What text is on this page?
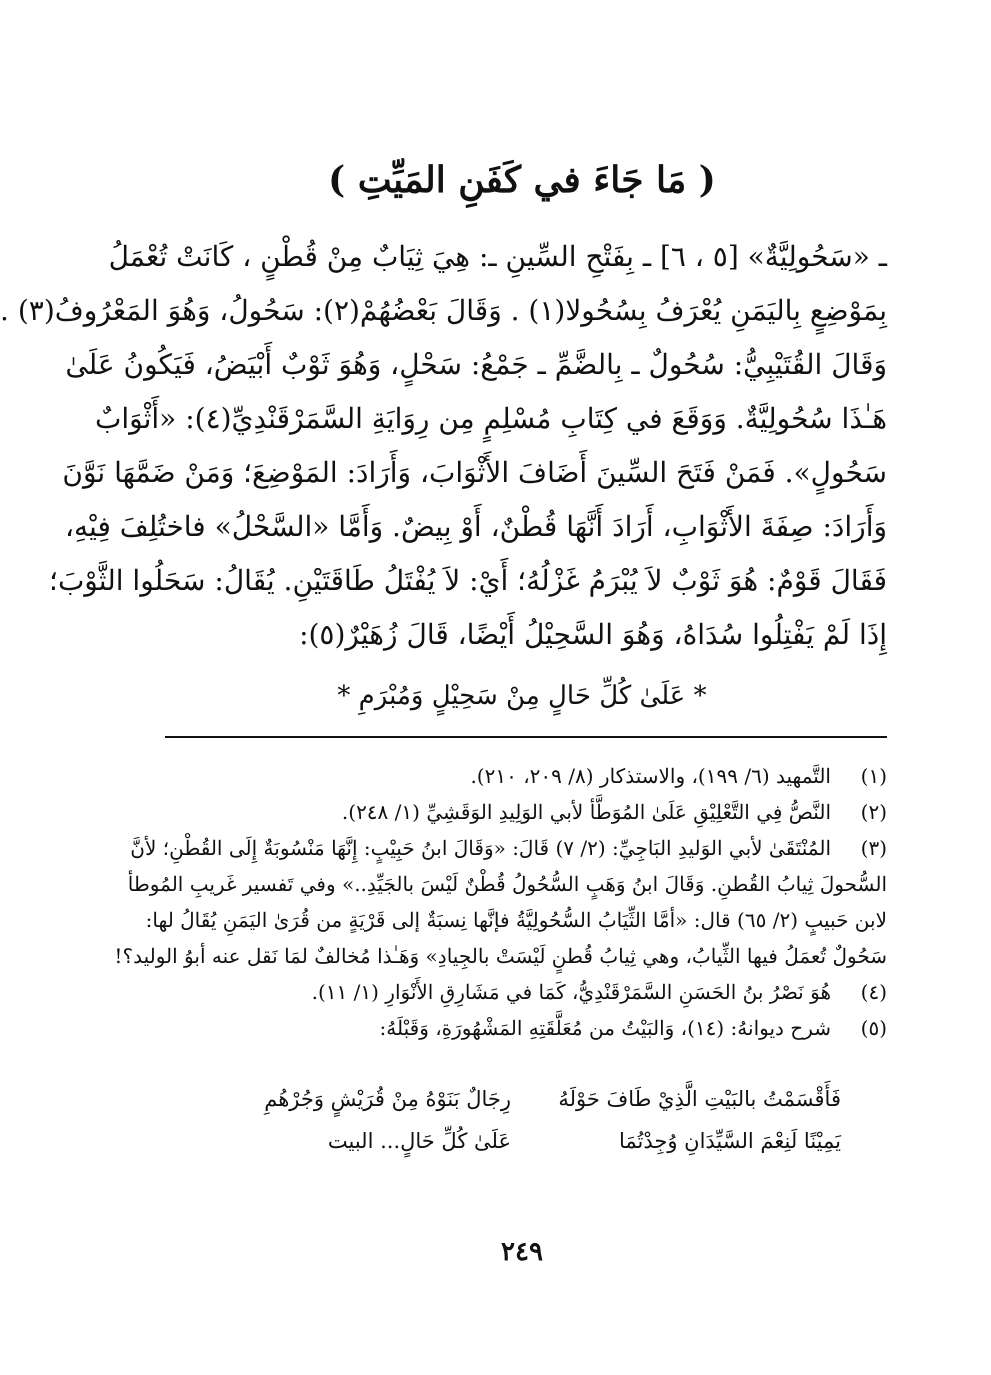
( مَا جَاءَ في كَفَنِ المَيِّتِ )
ـ «سَحُولِيَّةٌ» [٥ ، ٦] ـ بِفَتْحِ السِّينِ ـ: هِيَ ثِيَابٌ مِنْ قُطْنٍ ، كَانَتْ تُعْمَلُ
بِمَوْضِعٍ بِاليَمَنِ يُعْرَفُ بِسُحُولا(١) . وَقَالَ بَعْضُهُمْ(٢): سَحُولُ، وَهُوَ المَعْرُوفُ(٣) .
وَقَالَ القُتَيْبِيُّ: سُحُولٌ ـ بِالضَّمِّ ـ جَمْعُ: سَحْلٍ، وَهُوَ ثَوْبٌ أَبْيَضُ، فَيَكُونُ عَلَىٰ
هَـٰذَا سُحُولِيَّةٌ. وَوَقَعَ في كِتَابِ مُسْلِمٍ مِن رِوَايَةِ السَّمَرْقَنْدِيِّ(٤): «أَثْوَابٌ
سَحُولٍ». فَمَنْ فَتَحَ السِّينَ أَضَافَ الأَثْوَابَ، وَأَرَادَ: المَوْضِعَ؛ وَمَنْ ضَمَّهَا نَوَّنَ
وَأَرَادَ: صِفَةَ الأَثْوَابِ، أَرَادَ أَنَّهَا قُطْنٌ، أَوْ بِيضٌ. وَأَمَّا «السَّحْلُ» فاختُلِفَ فِيْهِ،
فَقَالَ قَوْمٌ: هُوَ ثَوْبٌ لاَ يُبْرَمُ غَزْلُهُ؛ أَيْ: لاَ يُفْتَلُ طَاقَتَيْنِ. يُقَالُ: سَحَلُوا الثَّوْبَ؛
إِذَا لَمْ يَفْتِلُوا سُدَاهُ، وَهُوَ السَّحِيْلُ أَيْضًا، قَالَ زُهَيْرٌ(٥):
* عَلَىٰ كُلِّ حَالٍ مِنْ سَحِيْلٍ وَمُبْرَمِ *
(١)
التَّمهيد (٦/ ١٩٩)، والاستذكار (٨/ ٢٠٩، ٢١٠).
(٢)
النَّصُّ فِي التَّعْلِيْقِ عَلَىٰ المُوَطَّأ لأبي الوَلِيدِ الوَقَشِيِّ (١/ ٢٤٨).
(٣)
المُنْتَقَىٰ لأبي الوَليدِ البَاجِيِّ: (٢/ ٧) قَالَ: «وَقَالَ ابنُ حَبِيْبٍ: إِنَّهَا مَنْسُوبَةٌ إِلَى القُطْنِ؛ لأنَّ
السُّحولَ ثِيابُ القُطنِ. وَقَالَ ابنُ وَهَبٍ السُّحُولُ قُطْنٌ لَيْسَ بالجَيِّدِ..» وفي تَفسير غَريبِ المُوطأ
لابن حَبيبٍ (٢/ ٦٥) قال: «أمَّا الثِّيَابُ السُّحُولِيَّةُ فإنَّها نِسبَةٌ إلى قَرْيَةٍ من قُرَىٰ اليَمَنِ يُقَالُ لها:
سَحُولٌ تُعمَلُ فيها الثِّيابُ، وهي ثِيابُ قُطنٍ لَيْسَتْ بالجِيادِ» وَهَـٰذا مُخالفٌ لمَا نَقل عنه أبوُ الوليد؟!
(٤)
هُوَ نَصْرُ بنُ الحَسَنِ السَّمَرْقَنْدِيُّ، كَمَا في مَشَارِقِ الأَنْوَارِ (١/ ١١).
(٥)
شرح ديوانهُ: (١٤)، وَالبَيْتُ من مُعَلَّقَتِهِ المَشْهُورَةِ، وَقَبْلَهُ:
فَأَقْسَمْتُ بالبَيْتِ الَّذِيْ طَافَ حَوْلَهُ
رِجَالٌ بَنَوْهُ مِنْ قُرَيْشٍ وَجُرْهُمِ
يَمِيْنًا لَنِعْمَ السَّيِّدَانِ وُجِدْتُمَا
عَلَىٰ كُلِّ حَالٍ... البيت
٢٤٩
